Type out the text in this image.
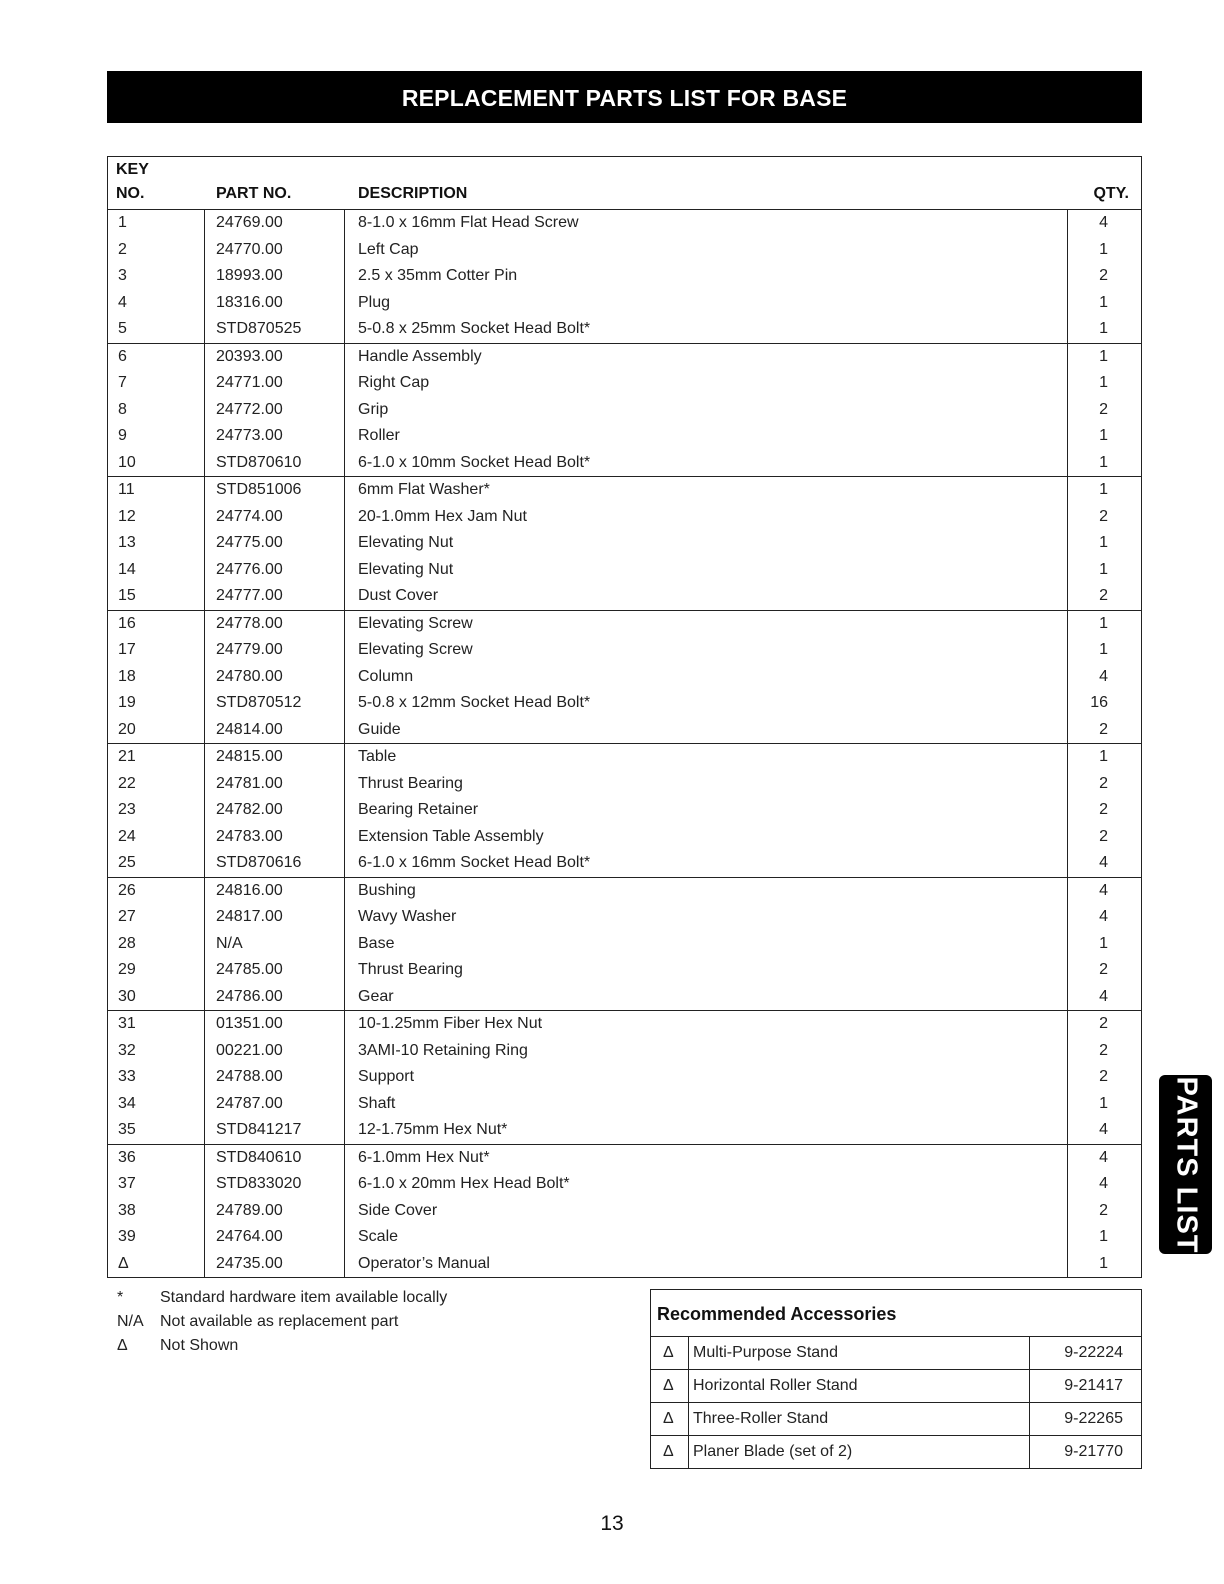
REPLACEMENT PARTS LIST FOR BASE
KEY
NO.	PART NO.	DESCRIPTION	QTY.
1	24769.00	8-1.0 x 16mm Flat Head Screw	4
2	24770.00	Left Cap	1
3	18993.00	2.5 x 35mm Cotter Pin	2
4	18316.00	Plug	1
5	STD870525	5-0.8 x 25mm Socket Head Bolt*	1
6	20393.00	Handle Assembly	1
7	24771.00	Right Cap	1
8	24772.00	Grip	2
9	24773.00	Roller	1
10	STD870610	6-1.0 x 10mm Socket Head Bolt*	1
11	STD851006	6mm Flat Washer*	1
12	24774.00	20-1.0mm Hex Jam Nut	2
13	24775.00	Elevating Nut	1
14	24776.00	Elevating Nut	1
15	24777.00	Dust Cover	2
16	24778.00	Elevating Screw	1
17	24779.00	Elevating Screw	1
18	24780.00	Column	4
19	STD870512	5-0.8 x 12mm Socket Head Bolt*	16
20	24814.00	Guide	2
21	24815.00	Table	1
22	24781.00	Thrust Bearing	2
23	24782.00	Bearing Retainer	2
24	24783.00	Extension Table Assembly	2
25	STD870616	6-1.0 x 16mm Socket Head Bolt*	4
26	24816.00	Bushing	4
27	24817.00	Wavy Washer	4
28	N/A	Base	1
29	24785.00	Thrust Bearing	2
30	24786.00	Gear	4
31	01351.00	10-1.25mm Fiber Hex Nut	2
32	00221.00	3AMI-10 Retaining Ring	2
33	24788.00	Support	2
34	24787.00	Shaft	1
35	STD841217	12-1.75mm Hex Nut*	4
36	STD840610	6-1.0mm Hex Nut*	4
37	STD833020	6-1.0 x 20mm Hex Head Bolt*	4
38	24789.00	Side Cover	2
39	24764.00	Scale	1
Δ	24735.00	Operator’s Manual	1
* Standard hardware item available locally
N/A Not available as replacement part
Δ Not Shown
Recommended Accessories
Δ Multi-Purpose Stand	9-22224
Δ Horizontal Roller Stand	9-21417
Δ Three-Roller Stand	9-22265
Δ Planer Blade (set of 2)	9-21770
13
PARTS LIST
